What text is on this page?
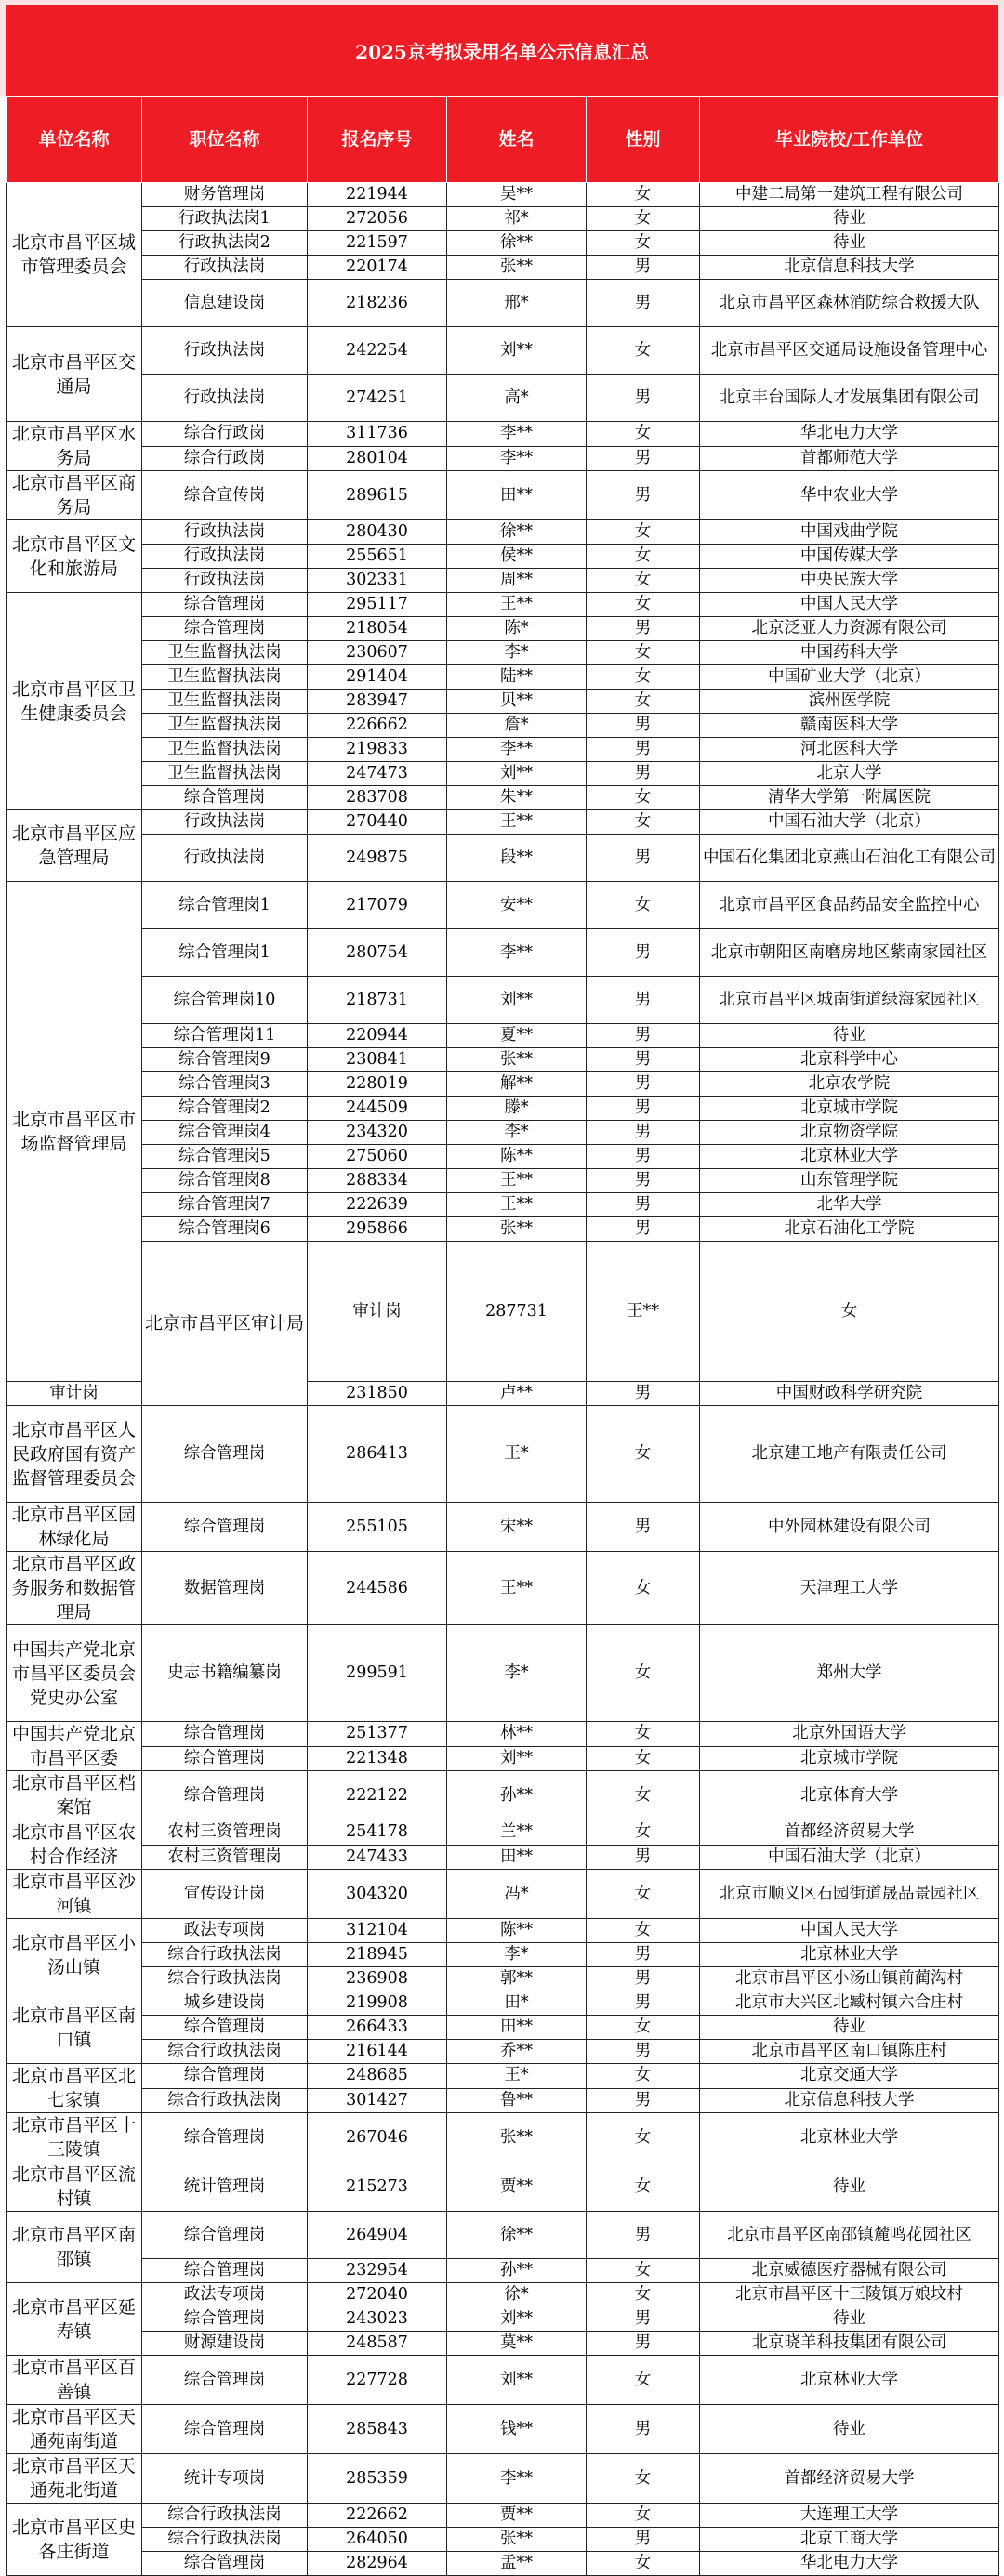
2025京考拟录用名单公示信息汇总
单位名称	职位名称	报名序号	姓名	性别	毕业院校/工作单位	
北京市昌平区城市管理委员会	财务管理岗	221944	吴**	女	中建二局第一建筑工程有限公司	
	行政执法岗1	272056	祁*	女	待业	
	行政执法岗2	221597	徐**	女	待业	
	行政执法岗	220174	张**	男	北京信息科技大学	
	信息建设岗	218236	邢*	男	北京市昌平区森林消防综合救援大队	
北京市昌平区交通局	行政执法岗	242254	刘**	女	北京市昌平区交通局设施设备管理中心	
	行政执法岗	274251	高*	男	北京丰台国际人才发展集团有限公司	
北京市昌平区水务局	综合行政岗	311736	李**	女	华北电力大学	
	综合行政岗	280104	李**	男	首都师范大学	
北京市昌平区商务局	综合宣传岗	289615	田**	男	华中农业大学	
北京市昌平区文化和旅游局	行政执法岗	280430	徐**	女	中国戏曲学院	
	行政执法岗	255651	侯**	女	中国传媒大学	
	行政执法岗	302331	周**	女	中央民族大学	
北京市昌平区卫生健康委员会	综合管理岗	295117	王**	女	中国人民大学	
	综合管理岗	218054	陈*	男	北京泛亚人力资源有限公司	
	卫生监督执法岗	230607	李*	女	中国药科大学	
	卫生监督执法岗	291404	陆**	女	中国矿业大学（北京）	
	卫生监督执法岗	283947	贝**	女	滨州医学院	
	卫生监督执法岗	226662	詹*	男	赣南医科大学	
	卫生监督执法岗	219833	李**	男	河北医科大学	
	卫生监督执法岗	247473	刘**	男	北京大学	
	综合管理岗	283708	朱**	女	清华大学第一附属医院	
北京市昌平区应急管理局	行政执法岗	270440	王**	女	中国石油大学（北京）	
	行政执法岗	249875	段**	男	中国石化集团北京燕山石油化工有限公司	
北京市昌平区市场监督管理局	综合管理岗1	217079	安**	女	北京市昌平区食品药品安全监控中心	
	综合管理岗1	280754	李**	男	北京市朝阳区南磨房地区紫南家园社区	
	综合管理岗10	218731	刘**	男	北京市昌平区城南街道绿海家园社区	
	综合管理岗11	220944	夏**	男	待业	
	综合管理岗9	230841	张**	男	北京科学中心	
	综合管理岗3	228019	解**	男	北京农学院	
	综合管理岗2	244509	滕*	男	北京城市学院	
	综合管理岗4	234320	李*	男	北京物资学院	
	综合管理岗5	275060	陈**	男	北京林业大学	
	综合管理岗8	288334	王**	男	山东管理学院	
	综合管理岗7	222639	王**	男	北华大学	
	综合管理岗6	295866	张**	男	北京石油化工学院	
	北京市昌平区审计局	审计岗	287731	王**	女	
审计岗		231850	卢**	男	中国财政科学研究院	
北京市昌平区人民政府国有资产监督管理委员会	综合管理岗	286413	王*	女	北京建工地产有限责任公司	
北京市昌平区园林绿化局	综合管理岗	255105	宋**	男	中外园林建设有限公司	
北京市昌平区政务服务和数据管理局	数据管理岗	244586	王**	女	天津理工大学	
中国共产党北京市昌平区委员会党史办公室	史志书籍编纂岗	299591	李*	女	郑州大学	
中国共产党北京市昌平区委	综合管理岗	251377	林**	女	北京外国语大学	
	综合管理岗	221348	刘**	女	北京城市学院	
北京市昌平区档案馆	综合管理岗	222122	孙**	女	北京体育大学	
北京市昌平区农村合作经济	农村三资管理岗	254178	兰**	女	首都经济贸易大学	
	农村三资管理岗	247433	田**	男	中国石油大学（北京）	
北京市昌平区沙河镇	宣传设计岗	304320	冯*	女	北京市顺义区石园街道晟品景园社区	
北京市昌平区小汤山镇	政法专项岗	312104	陈**	女	中国人民大学	
	综合行政执法岗	218945	李*	男	北京林业大学	
	综合行政执法岗	236908	郭**	男	北京市昌平区小汤山镇前蔺沟村	
北京市昌平区南口镇	城乡建设岗	219908	田*	男	北京市大兴区北臧村镇六合庄村	
	综合管理岗	266433	田**	女	待业	
	综合行政执法岗	216144	乔**	男	北京市昌平区南口镇陈庄村	
北京市昌平区北七家镇	综合管理岗	248685	王*	女	北京交通大学	
	综合行政执法岗	301427	鲁**	男	北京信息科技大学	
北京市昌平区十三陵镇	综合管理岗	267046	张**	女	北京林业大学	
北京市昌平区流村镇	统计管理岗	215273	贾**	女	待业	
北京市昌平区南邵镇	综合管理岗	264904	徐**	男	北京市昌平区南邵镇麓鸣花园社区	
	综合管理岗	232954	孙**	女	北京威德医疗器械有限公司	
北京市昌平区延寿镇	政法专项岗	272040	徐*	女	北京市昌平区十三陵镇万娘坟村	
	综合管理岗	243023	刘**	男	待业	
	财源建设岗	248587	莫**	男	北京晓羊科技集团有限公司	
北京市昌平区百善镇	综合管理岗	227728	刘**	女	北京林业大学	
北京市昌平区天通苑南街道	综合管理岗	285843	钱**	男	待业	
北京市昌平区天通苑北街道	统计专项岗	285359	李**	女	首都经济贸易大学	
北京市昌平区史各庄街道	综合行政执法岗	222662	贾**	女	大连理工大学	
	综合行政执法岗	264050	张**	男	北京工商大学	
	综合管理岗	282964	孟**	女	华北电力大学	
